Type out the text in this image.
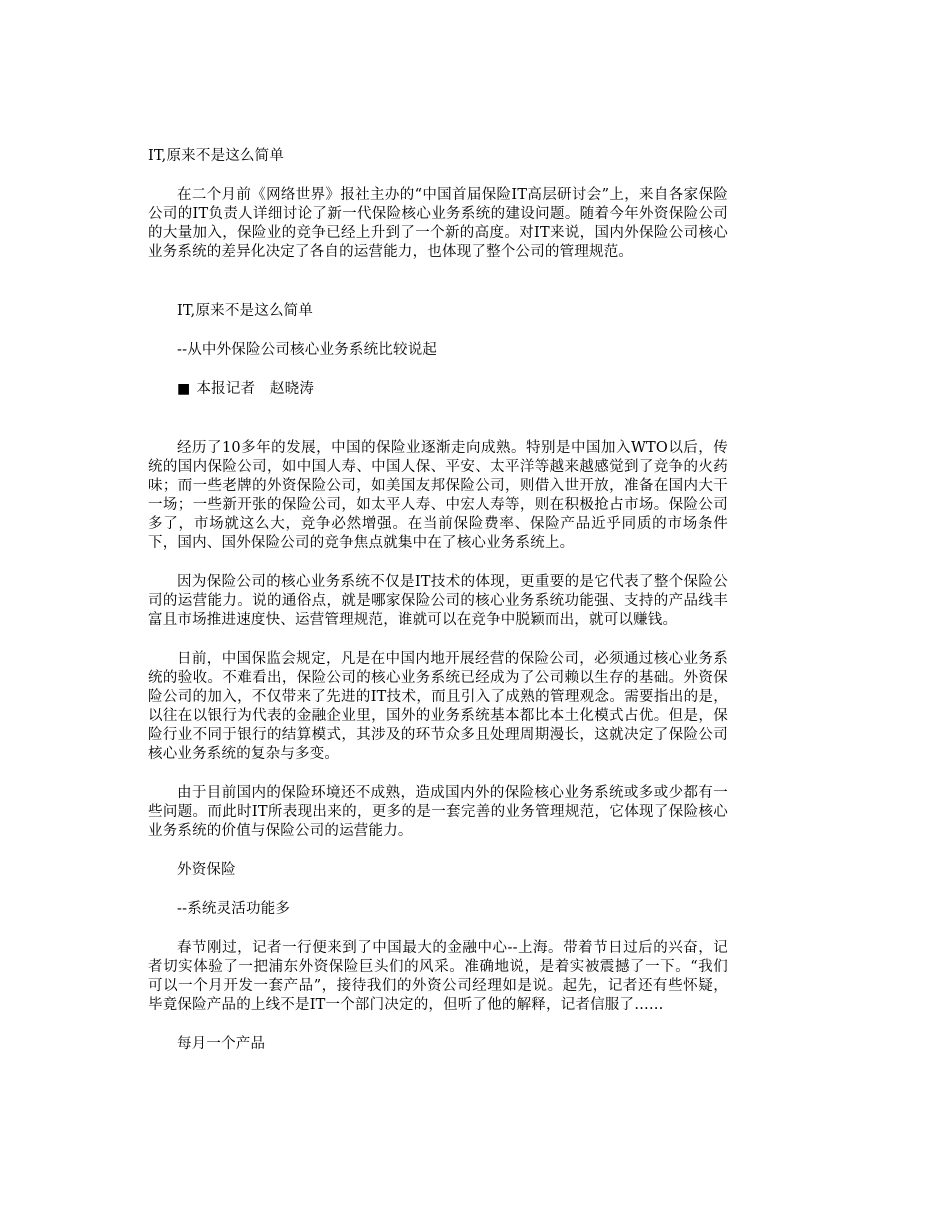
IT,原来不是这么简单

在二个月前《网络世界》报社主办的“中国首届保险IT高层研讨会”上，来自各家保险公司的IT负责人详细讨论了新一代保险核心业务系统的建设问题。随着今年外资保险公司的大量加入，保险业的竞争已经上升到了一个新的高度。对IT来说，国内外保险公司核心业务系统的差异化决定了各自的运营能力，也体现了整个公司的管理规范。

IT,原来不是这么简单

--从中外保险公司核心业务系统比较说起

■ 本报记者　赵晓涛

经历了10多年的发展，中国的保险业逐渐走向成熟。特别是中国加入WTO以后，传统的国内保险公司，如中国人寿、中国人保、平安、太平洋等越来越感觉到了竞争的火药味；而一些老牌的外资保险公司，如美国友邦保险公司，则借入世开放，准备在国内大干一场；一些新开张的保险公司，如太平人寿、中宏人寿等，则在积极抢占市场。保险公司多了，市场就这么大，竞争必然增强。在当前保险费率、保险产品近乎同质的市场条件下，国内、国外保险公司的竞争焦点就集中在了核心业务系统上。

因为保险公司的核心业务系统不仅是IT技术的体现，更重要的是它代表了整个保险公司的运营能力。说的通俗点，就是哪家保险公司的核心业务系统功能强、支持的产品线丰富且市场推进速度快、运营管理规范，谁就可以在竞争中脱颖而出，就可以赚钱。

日前，中国保监会规定，凡是在中国内地开展经营的保险公司，必须通过核心业务系统的验收。不难看出，保险公司的核心业务系统已经成为了公司赖以生存的基础。外资保险公司的加入，不仅带来了先进的IT技术，而且引入了成熟的管理观念。需要指出的是，以往在以银行为代表的金融企业里，国外的业务系统基本都比本土化模式占优。但是，保险行业不同于银行的结算模式，其涉及的环节众多且处理周期漫长，这就决定了保险公司核心业务系统的复杂与多变。

由于目前国内的保险环境还不成熟，造成国内外的保险核心业务系统或多或少都有一些问题。而此时IT所表现出来的，更多的是一套完善的业务管理规范，它体现了保险核心业务系统的价值与保险公司的运营能力。

外资保险

--系统灵活功能多

春节刚过，记者一行便来到了中国最大的金融中心--上海。带着节日过后的兴奋，记者切实体验了一把浦东外资保险巨头们的风采。准确地说，是着实被震撼了一下。“我们可以一个月开发一套产品”，接待我们的外资公司经理如是说。起先，记者还有些怀疑，毕竟保险产品的上线不是IT一个部门决定的，但听了他的解释，记者信服了……

每月一个产品
